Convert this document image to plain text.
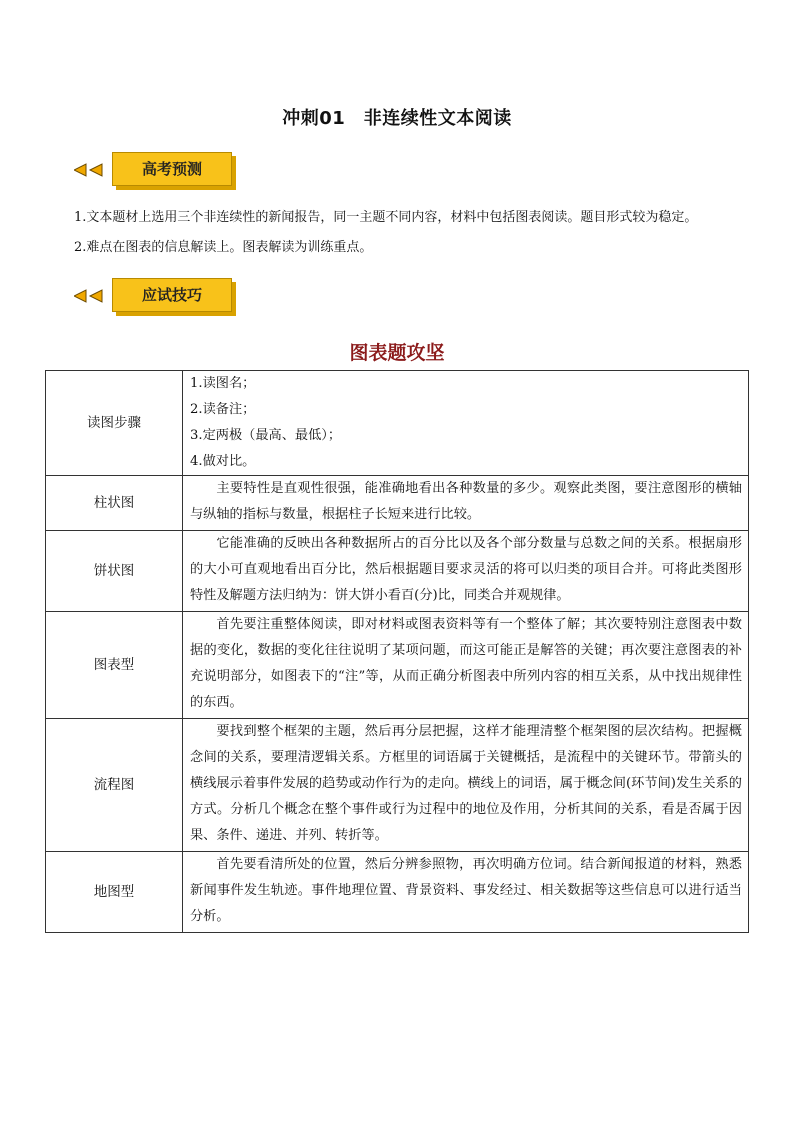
冲刺01　非连续性文本阅读
高考预测
1.文本题材上选用三个非连续性的新闻报告，同一主题不同内容，材料中包括图表阅读。题目形式较为稳定。
2.难点在图表的信息解读上。图表解读为训练重点。
应试技巧
图表题攻坚
读图步骤	1.读图名；
2.读备注；
3.定两极（最高、最低）；
4.做对比。

柱状图	主要特性是直观性很强，能准确地看出各种数量的多少。观察此类图，要注意图形的横轴与纵轴的指标与数量，根据柱子长短来进行比较。

饼状图	它能准确的反映出各种数据所占的百分比以及各个部分数量与总数之间的关系。根据扇形的大小可直观地看出百分比，然后根据题目要求灵活的将可以归类的项目合并。可将此类图形特性及解题方法归纳为：饼大饼小看百(分)比，同类合并观规律。

图表型	首先要注重整体阅读，即对材料或图表资料等有一个整体了解；其次要特别注意图表中数据的变化，数据的变化往往说明了某项问题，而这可能正是解答的关键；再次要注意图表的补充说明部分，如图表下的“注”等，从而正确分析图表中所列内容的相互关系，从中找出规律性的东西。

流程图	要找到整个框架的主题，然后再分层把握，这样才能理清整个框架图的层次结构。把握概念间的关系，要理清逻辑关系。方框里的词语属于关键概括，是流程中的关键环节。带箭头的横线展示着事件发展的趋势或动作行为的走向。横线上的词语，属于概念间(环节间)发生关系的方式。分析几个概念在整个事件或行为过程中的地位及作用，分析其间的关系，看是否属于因果、条件、递进、并列、转折等。

地图型	首先要看清所处的位置，然后分辨参照物，再次明确方位词。结合新闻报道的材料，熟悉新闻事件发生轨迹。事件地理位置、背景资料、事发经过、相关数据等这些信息可以进行适当分析。
